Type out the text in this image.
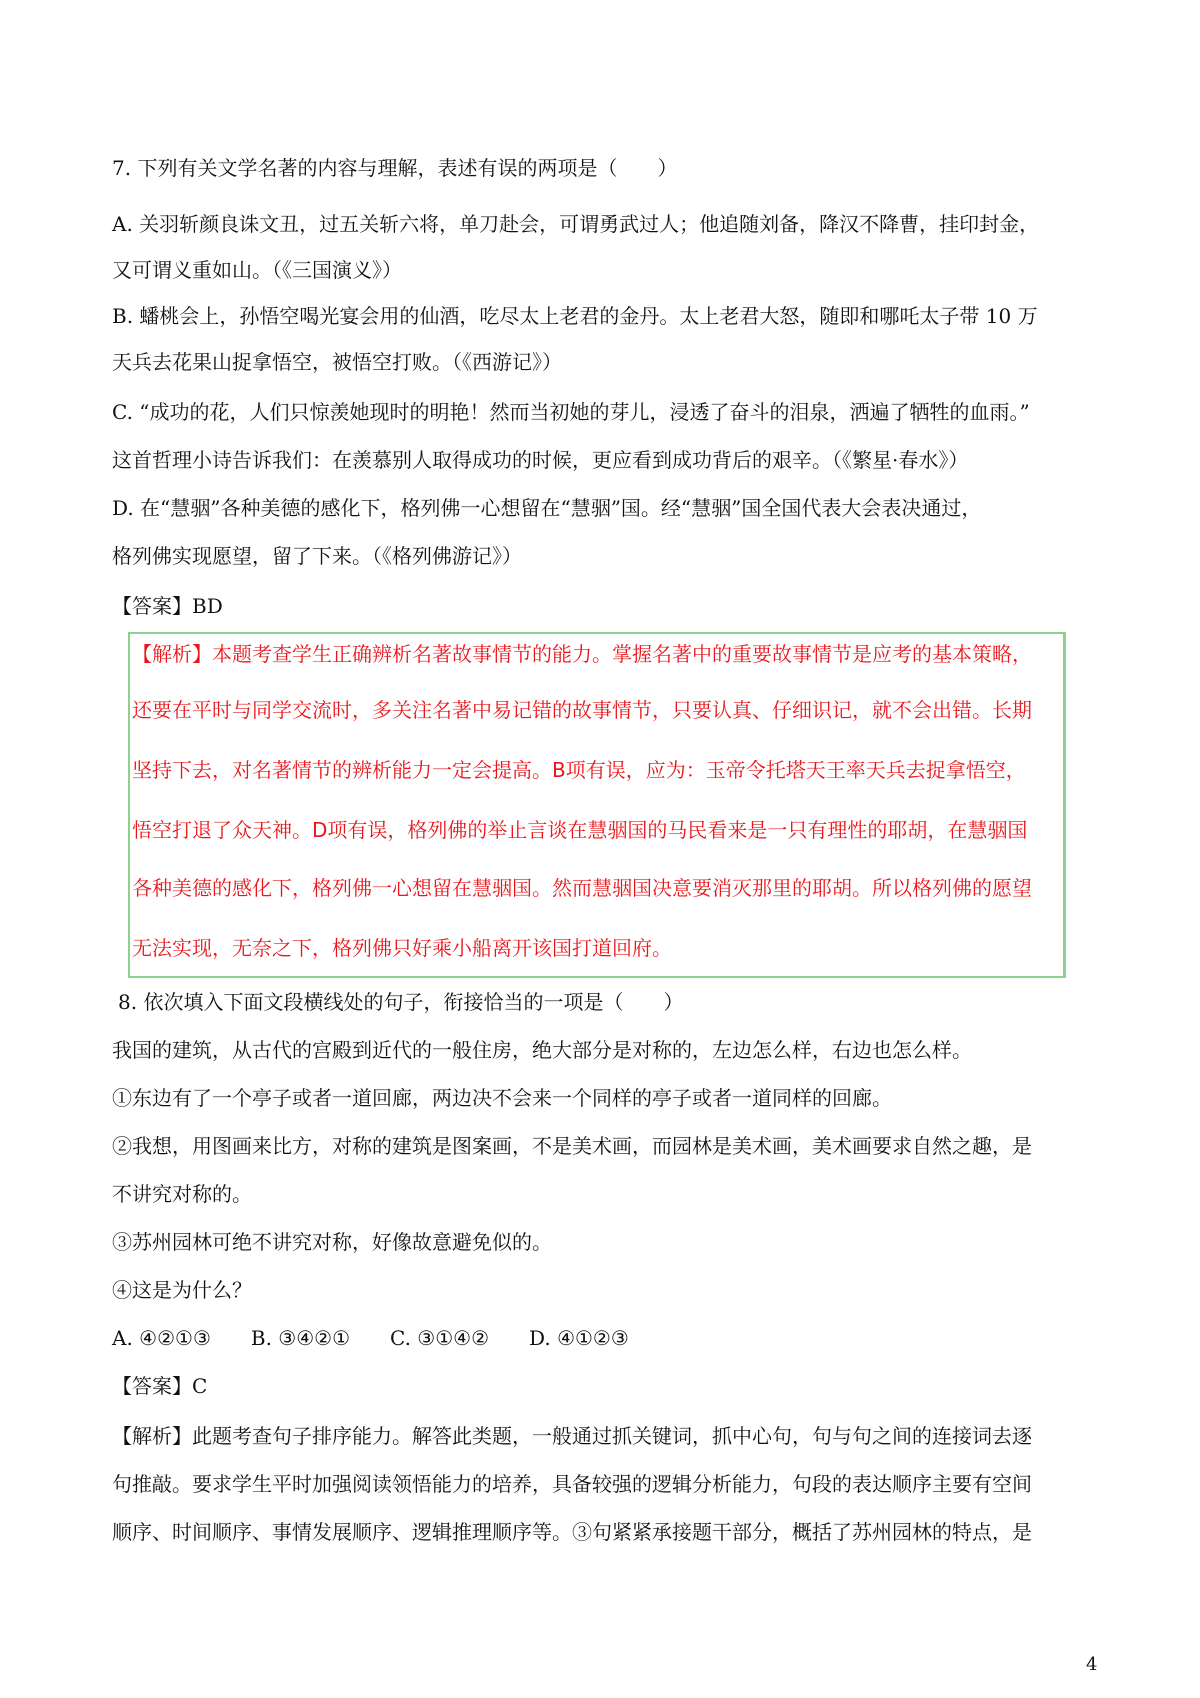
7. 下列有关文学名著的内容与理解，表述有误的两项是（　　）
A. 关羽斩颜良诛文丑，过五关斩六将，单刀赴会，可谓勇武过人；他追随刘备，降汉不降曹，挂印封金，
又可谓义重如山。（《三国演义》）
B. 蟠桃会上，孙悟空喝光宴会用的仙酒，吃尽太上老君的金丹。太上老君大怒，随即和哪吒太子带 10 万
天兵去花果山捉拿悟空，被悟空打败。（《西游记》）
C. “成功的花，人们只惊羡她现时的明艳！然而当初她的芽儿，浸透了奋斗的泪泉，洒遍了牺牲的血雨。”
这首哲理小诗告诉我们：在羡慕别人取得成功的时候，更应看到成功背后的艰辛。（《繁星·春水》）
D. 在“慧骃”各种美德的感化下，格列佛一心想留在“慧骃”国。经“慧骃”国全国代表大会表决通过，
格列佛实现愿望，留了下来。（《格列佛游记》）
【答案】BD
【解析】本题考查学生正确辨析名著故事情节的能力。掌握名著中的重要故事情节是应考的基本策略，
还要在平时与同学交流时，多关注名著中易记错的故事情节，只要认真、仔细识记，就不会出错。长期
坚持下去，对名著情节的辨析能力一定会提高。B项有误，应为：玉帝令托塔天王率天兵去捉拿悟空，
悟空打退了众天神。D项有误，格列佛的举止言谈在慧骃国的马民看来是一只有理性的耶胡，在慧骃国
各种美德的感化下，格列佛一心想留在慧骃国。然而慧骃国决意要消灭那里的耶胡。所以格列佛的愿望
无法实现，无奈之下，格列佛只好乘小船离开该国打道回府。
8. 依次填入下面文段横线处的句子，衔接恰当的一项是（　　）
我国的建筑，从古代的宫殿到近代的一般住房，绝大部分是对称的，左边怎么样，右边也怎么样。
①东边有了一个亭子或者一道回廊，两边决不会来一个同样的亭子或者一道同样的回廊。
②我想，用图画来比方，对称的建筑是图案画，不是美术画，而园林是美术画，美术画要求自然之趣，是
不讲究对称的。
③苏州园林可绝不讲究对称，好像故意避免似的。
④这是为什么？
A. ④②①③　　B. ③④②①　　C. ③①④②　　D. ④①②③
【答案】C
【解析】此题考查句子排序能力。解答此类题，一般通过抓关键词，抓中心句，句与句之间的连接词去逐
句推敲。要求学生平时加强阅读领悟能力的培养，具备较强的逻辑分析能力，句段的表达顺序主要有空间
顺序、时间顺序、事情发展顺序、逻辑推理顺序等。③句紧紧承接题干部分，概括了苏州园林的特点，是
4
